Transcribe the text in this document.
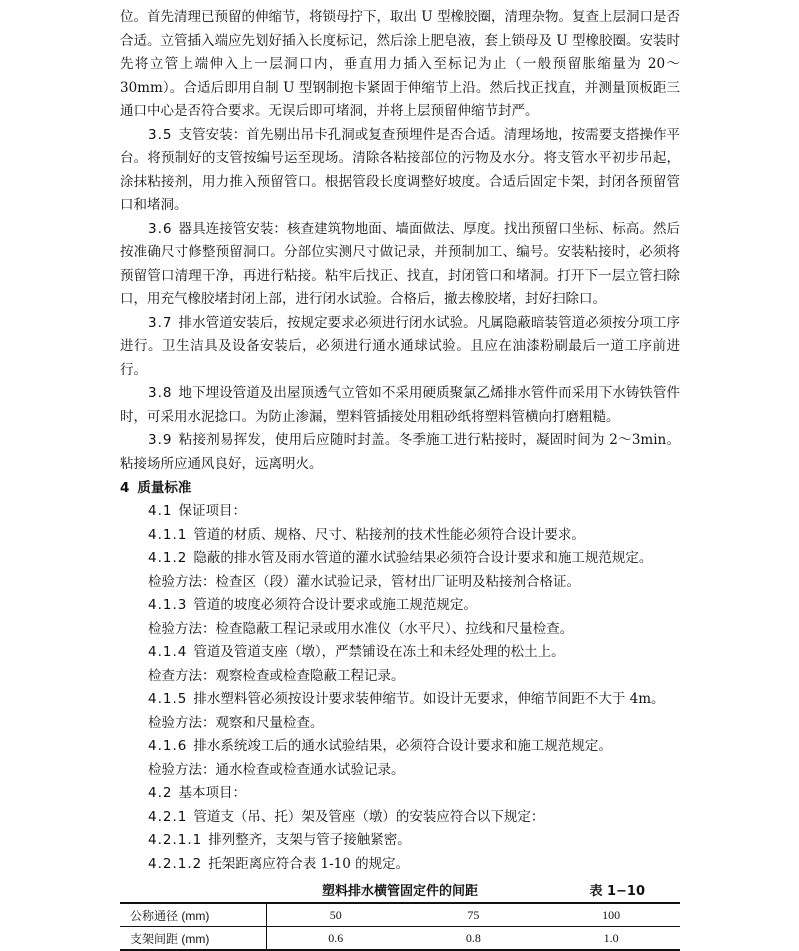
位。首先清理已预留的伸缩节，将锁母拧下，取出 U 型橡胶圈，清理杂物。复查上层洞口是否合适。立管插入端应先划好插入长度标记，然后涂上肥皂液，套上锁母及 U 型橡胶圈。安装时先将立管上端伸入上一层洞口内，垂直用力插入至标记为止（一般预留胀缩量为 20～30mm）。合适后即用自制 U 型钢制抱卡紧固于伸缩节上沿。然后找正找直，并测量顶板距三通口中心是否符合要求。无误后即可堵洞，并将上层预留伸缩节封严。

3.5 支管安装：首先剔出吊卡孔洞或复查预埋件是否合适。清理场地，按需要支搭操作平台。将预制好的支管按编号运至现场。清除各粘接部位的污物及水分。将支管水平初步吊起，涂抹粘接剂，用力推入预留管口。根据管段长度调整好坡度。合适后固定卡架，封闭各预留管口和堵洞。

3.6 器具连接管安装：核查建筑物地面、墙面做法、厚度。找出预留口坐标、标高。然后按准确尺寸修整预留洞口。分部位实测尺寸做记录，并预制加工、编号。安装粘接时，必须将预留管口清理干净，再进行粘接。粘牢后找正、找直，封闭管口和堵洞。打开下一层立管扫除口，用充气橡胶堵封闭上部，进行闭水试验。合格后，撤去橡胶堵，封好扫除口。

3.7 排水管道安装后，按规定要求必须进行闭水试验。凡属隐蔽暗装管道必须按分项工序进行。卫生洁具及设备安装后，必须进行通水通球试验。且应在油漆粉刷最后一道工序前进行。

3.8 地下埋设管道及出屋顶透气立管如不采用硬质聚氯乙烯排水管件而采用下水铸铁管件时，可采用水泥捻口。为防止渗漏，塑料管插接处用粗砂纸将塑料管横向打磨粗糙。

3.9 粘接剂易挥发，使用后应随时封盖。冬季施工进行粘接时，凝固时间为 2～3min。粘接场所应通风良好，远离明火。

4 质量标准

4.1 保证项目：

4.1.1 管道的材质、规格、尺寸、粘接剂的技术性能必须符合设计要求。

4.1.2 隐蔽的排水管及雨水管道的灌水试验结果必须符合设计要求和施工规范规定。

检验方法：检查区（段）灌水试验记录，管材出厂证明及粘接剂合格证。

4.1.3 管道的坡度必须符合设计要求或施工规范规定。

检验方法：检查隐蔽工程记录或用水准仪（水平尺）、拉线和尺量检查。

4.1.4 管道及管道支座（墩），严禁铺设在冻土和未经处理的松土上。

检查方法：观察检查或检查隐蔽工程记录。

4.1.5 排水塑料管必须按设计要求装伸缩节。如设计无要求，伸缩节间距不大于 4m。

检验方法：观察和尺量检查。

4.1.6 排水系统竣工后的通水试验结果，必须符合设计要求和施工规范规定。

检验方法：通水检查或检查通水试验记录。

4.2 基本项目：

4.2.1 管道支（吊、托）架及管座（墩）的安装应符合以下规定：

4.2.1.1 排列整齐，支架与管子接触紧密。

4.2.1.2 托架距离应符合表 1-10 的规定。

塑料排水横管固定件的间距	表 1−10
公称通径 (mm)	50	75	100
支架间距 (mm)	0.6	0.8	1.0
